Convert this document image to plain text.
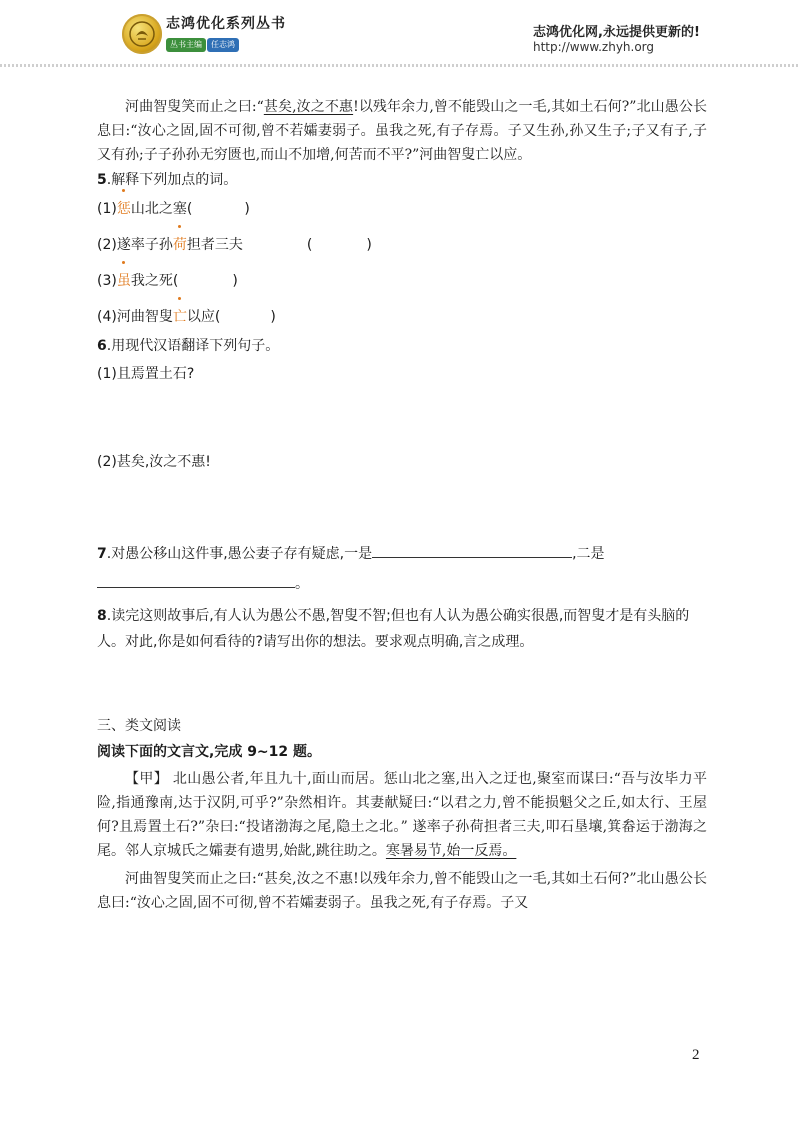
志鸿优化系列丛书
丛书主编	任志鸿
志鸿优化网,永远提供更新的!
http://www.zhyh.org

河曲智叟笑而止之曰:“甚矣,汝之不惠!以残年余力,曾不能毁山之一毛,其如土石何?”北山愚公长息曰:“汝心之固,固不可彻,曾不若孀妻弱子。虽我之死,有子存焉。子又生孙,孙又生子;子又有子,子又有孙;子子孙孙无穷匮也,而山不加增,何苦而不平?”河曲智叟亡以应。

5.解释下列加点的词。

(1)惩山北之塞(	)

(2)遂率子孙荷担者三夫	(	)

(3)虽我之死(	)

(4)河曲智叟亡以应(	)

6.用现代汉语翻译下列句子。

(1)且焉置土石?

(2)甚矣,汝之不惠!

7.对愚公移山这件事,愚公妻子存有疑虑,一是	,二是
。

8.读完这则故事后,有人认为愚公不愚,智叟不智;但也有人认为愚公确实很愚,而智叟才是有头脑的人。对此,你是如何看待的?请写出你的想法。要求观点明确,言之成理。

三、类文阅读

阅读下面的文言文,完成 9~12 题。

【甲】 北山愚公者,年且九十,面山而居。惩山北之塞,出入之迂也,聚室而谋曰:“吾与汝毕力平险,指通豫南,达于汉阴,可乎?”杂然相许。其妻献疑曰:“以君之力,曾不能损魁父之丘,如太行、王屋何?且焉置土石?”杂曰:“投诸渤海之尾,隐土之北。” 遂率子孙荷担者三夫,叩石垦壤,箕畚运于渤海之尾。邻人京城氏之孀妻有遗男,始龀,跳往助之。寒暑易节,始一反焉。

河曲智叟笑而止之曰:“甚矣,汝之不惠!以残年余力,曾不能毁山之一毛,其如土石何?”北山愚公长息曰:“汝心之固,固不可彻,曾不若孀妻弱子。虽我之死,有子存焉。子又

2
